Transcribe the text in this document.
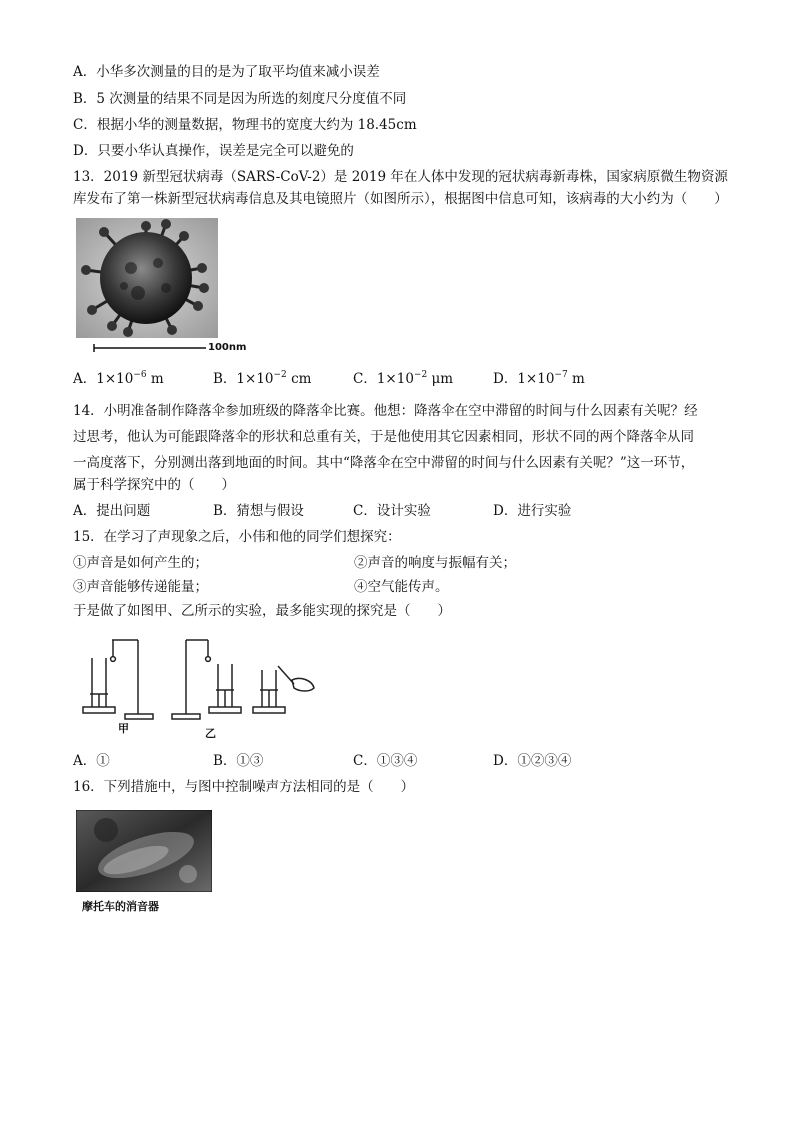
A．小华多次测量的目的是为了取平均值来减小误差
B．5 次测量的结果不同是因为所选的刻度尺分度值不同
C．根据小华的测量数据，物理书的宽度大约为 18.45cm
D．只要小华认真操作，误差是完全可以避免的
13．2019 新型冠状病毒（SARS-CoV-2）是 2019 年在人体中发现的冠状病毒新毒株，国家病原微生物资源
库发布了第一株新型冠状病毒信息及其电镜照片（如图所示），根据图中信息可知，该病毒的大小约为（　　）
100nm
A．$1\times 10^{-6}$ m	B．$1\times 10^{-2}$ cm	C．$1\times 10^{-2}$ μm	D．$1\times 10^{-7}$ m
14．小明准备制作降落伞参加班级的降落伞比赛。他想：降落伞在空中滞留的时间与什么因素有关呢？经
过思考，他认为可能跟降落伞的形状和总重有关，于是他使用其它因素相同，形状不同的两个降落伞从同
一高度落下，分别测出落到地面的时间。其中“降落伞在空中滞留的时间与什么因素有关呢？”这一环节，
属于科学探究中的（　　）
A．提出问题	B．猜想与假设	C．设计实验	D．进行实验
15．在学习了声现象之后，小伟和他的同学们想探究：
①声音是如何产生的；	②声音的响度与振幅有关；
③声音能够传递能量；	④空气能传声。
于是做了如图甲、乙所示的实验，最多能实现的探究是（　　）
甲	乙
A．①	B．①③	C．①③④	D．①②③④
16．下列措施中，与图中控制噪声方法相同的是（　　）
摩托车的消音器
